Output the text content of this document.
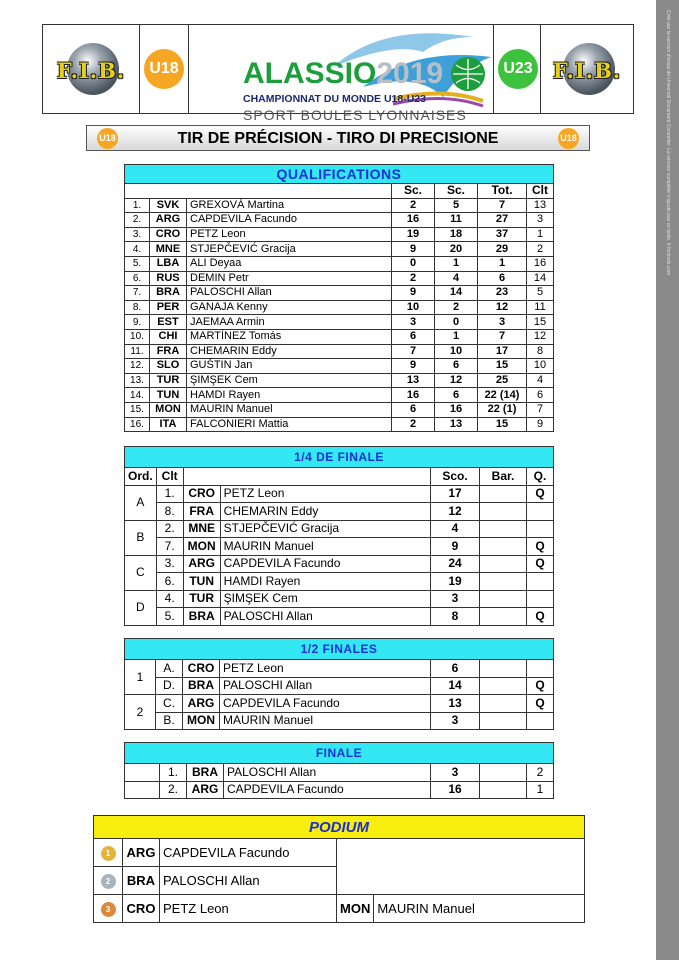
F.I.B.	U18 ALASSIO2019
CHAMPIONNAT DU MONDE U18-U23
SPORT BOULES LYONNAISES
U23 F.I.B.
U18	TIR DE PRÉCISION - TIRO DI PRECISIONE	U18
QUALIFICATIONS						
			Sc.	Sc.	Tot.	Clt
1.	SVK	GREXOVÁ Martina	2	5	7	13
2.	ARG	CAPDEVILA Facundo	16	11	27	3
3.	CRO	PETZ Leon	19	18	37	1
4.	MNE	STJEPČEVIĆ Gracija	9	20	29	2
5.	LBA	ALI Deyaa	0	1	1	16
6.	RUS	DEMIN Petr	2	4	6	14
7.	BRA	PALOSCHI Allan	9	14	23	5
8.	PER	GANAJA Kenny	10	2	12	11
9.	EST	JAEMAA Armin	3	0	3	15
10.	CHI	MARTÍNEZ Tomás	6	1	7	12
11.	FRA	CHEMARIN Eddy	7	10	17	8
12.	SLO	GUŠTIN Jan	9	6	15	10
13.	TUR	ŞIMŞEK Cem	13	12	25	4
14.	TUN	HAMDI Rayen	16	6	22 (14)	6
15.	MON	MAURIN Manuel	6	16	22 (1)	7
16.	ITA	FALCONIERI Mattia	2	13	15	9
1/4 DE FINALE						
Ord.	Clt			Sco.	Bar.	Q.
A	1.	CRO	PETZ Leon	17		Q
	8.	FRA	CHEMARIN Eddy	12		
B	2.	MNE	STJEPČEVIĆ Gracija	4		
	7.	MON	MAURIN Manuel	9		Q
C	3.	ARG	CAPDEVILA Facundo	24		Q
	6.	TUN	HAMDI Rayen	19		
D	4.	TUR	ŞIMŞEK Cem	3		
	5.	BRA	PALOSCHI Allan	8		Q
1/2 FINALES						
1	A.	CRO	PETZ Leon	6		
	D.	BRA	PALOSCHI Allan	14		Q
2	C.	ARG	CAPDEVILA Facundo	13		Q
	B.	MON	MAURIN Manuel	3		
FINALE						
	1.	BRA	PALOSCHI Allan	3		2
	2.	ARG	CAPDEVILA Facundo	16		1
PODIUM				
1	ARG	CAPDEVILA Facundo		
2	BRA	PALOSCHI Allan		
3	CRO	PETZ Leon	MON	MAURIN Manuel
Créé par la version d'essai de Universal Document Converter. La version complète n'ajoute pas ce texte. fr.fnctools.com
